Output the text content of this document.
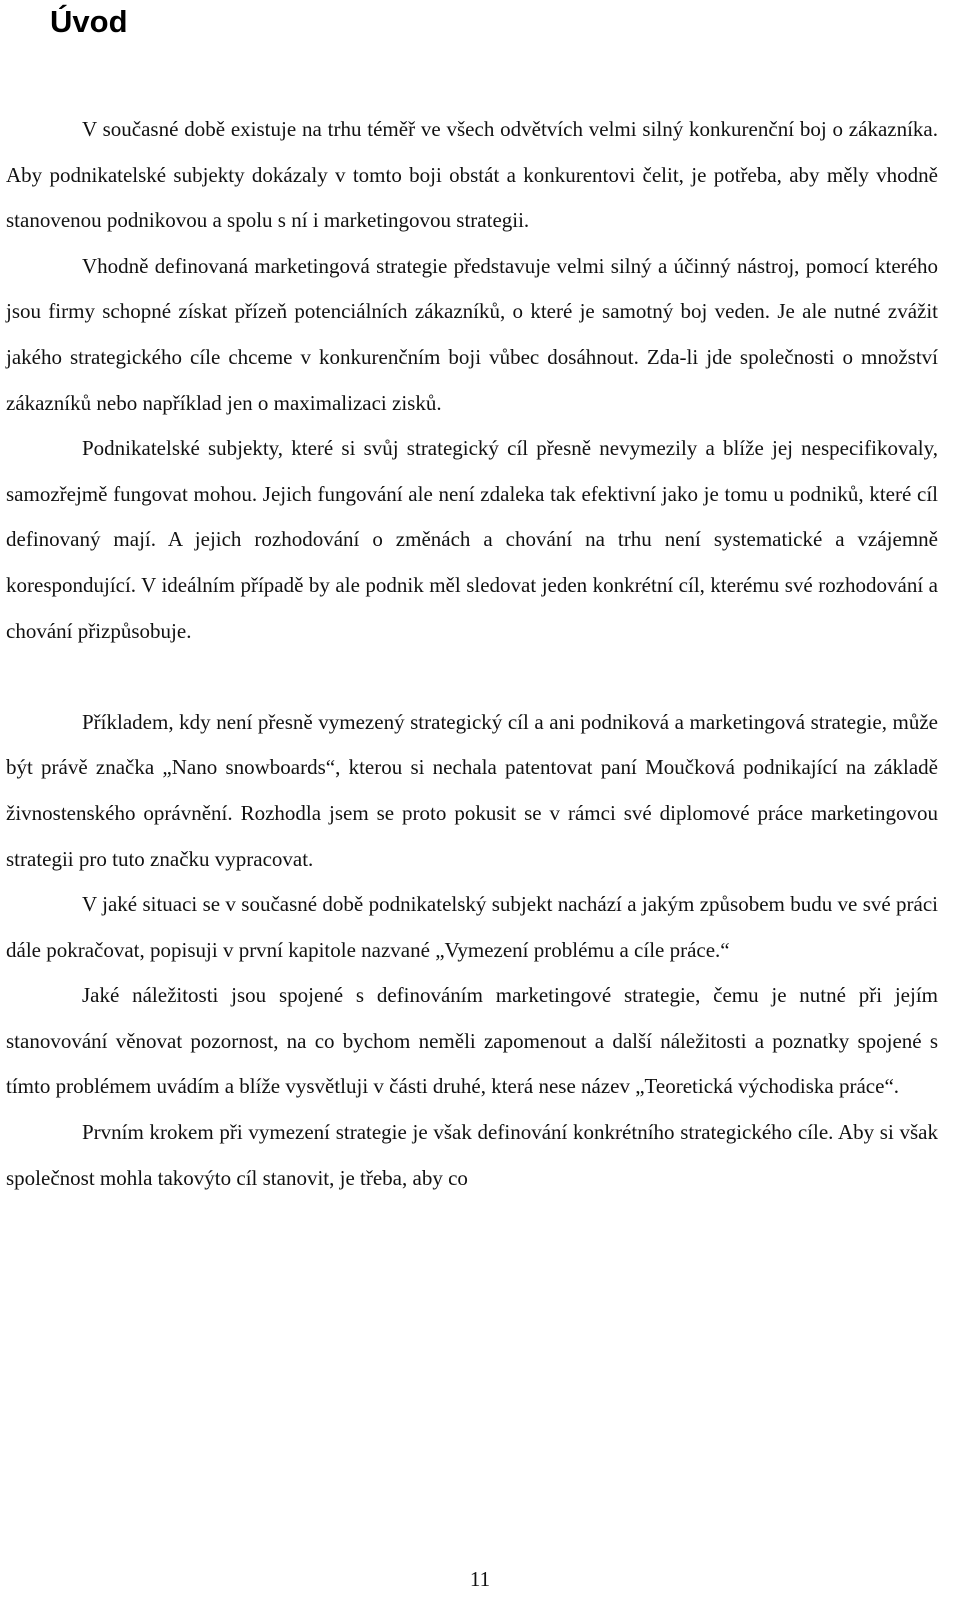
Úvod

V současné době existuje na trhu téměř ve všech odvětvích velmi silný konkurenční boj o zákazníka. Aby podnikatelské subjekty dokázaly v tomto boji obstát a konkurentovi čelit, je potřeba, aby měly vhodně stanovenou podnikovou a spolu s ní i marketingovou strategii.

Vhodně definovaná marketingová strategie představuje velmi silný a účinný nástroj, pomocí kterého jsou firmy schopné získat přízeň potenciálních zákazníků, o které je samotný boj veden. Je ale nutné zvážit jakého strategického cíle chceme v konkurenčním boji vůbec dosáhnout. Zda-li jde společnosti o množství zákazníků nebo například jen o maximalizaci zisků.

Podnikatelské subjekty, které si svůj strategický cíl přesně nevymezily a blíže jej nespecifikovaly, samozřejmě fungovat mohou. Jejich fungování ale není zdaleka tak efektivní jako je tomu u podniků, které cíl definovaný mají. A jejich rozhodování o změnách a chování na trhu není systematické a vzájemně korespondující. V ideálním případě by ale podnik měl sledovat jeden konkrétní cíl, kterému své rozhodování a chování přizpůsobuje.

Příkladem, kdy není přesně vymezený strategický cíl a ani podniková a marketingová strategie, může být právě značka „Nano snowboards“, kterou si nechala patentovat paní Moučková podnikající na základě živnostenského oprávnění. Rozhodla jsem se proto pokusit se v rámci své diplomové práce marketingovou strategii pro tuto značku vypracovat.

V jaké situaci se v současné době podnikatelský subjekt nachází a jakým způsobem budu ve své práci dále pokračovat, popisuji v první kapitole nazvané „Vymezení problému a cíle práce.“

Jaké náležitosti jsou spojené s definováním marketingové strategie, čemu je nutné při jejím stanovování věnovat pozornost, na co bychom neměli zapomenout a další náležitosti a poznatky spojené s tímto problémem uvádím a blíže vysvětluji v části druhé, která nese název „Teoretická východiska práce“.

Prvním krokem při vymezení strategie je však definování konkrétního strategického cíle. Aby si však společnost mohla takovýto cíl stanovit, je třeba, aby co

11
